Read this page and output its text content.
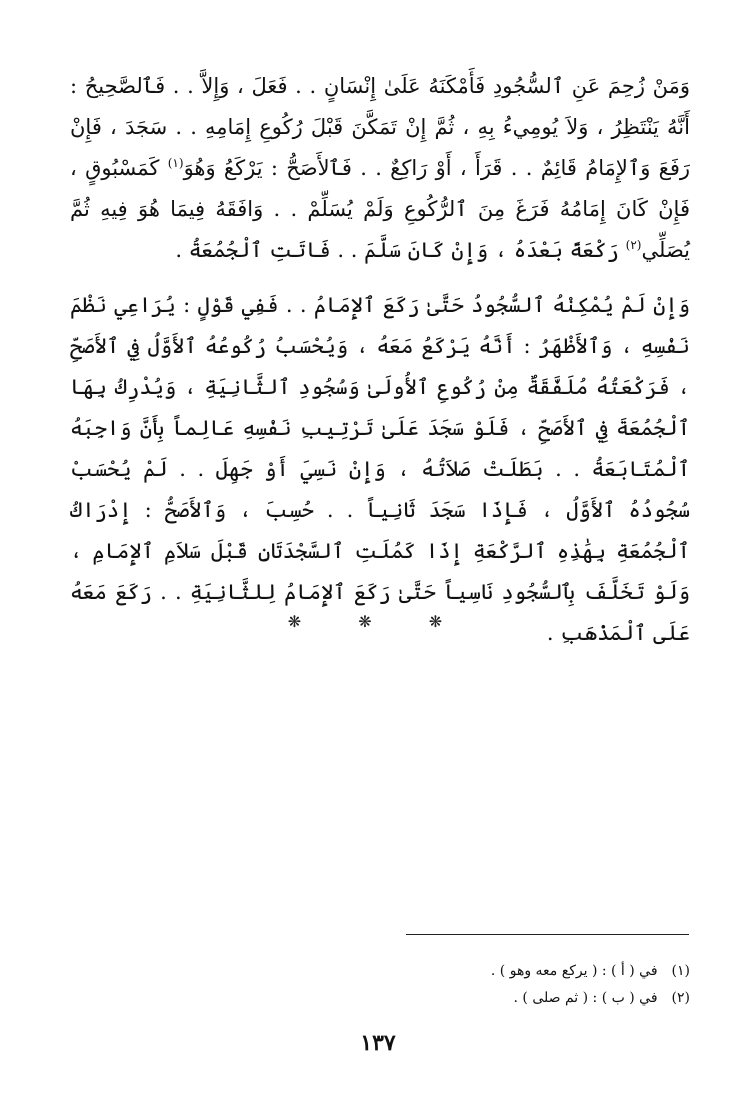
وَمَنْ زُحِمَ عَنِ ٱلسُّجُودِ فَأَمْكَنَهُ عَلَىٰ إِنْسَانٍ . . فَعَلَ ، وَإِلاَّ . . فَٱلصَّحِيحُ : أَنَّهُ يَنْتَظِرُ ، وَلاَ يُومِيءُ بِهِ ، ثُمَّ إِنْ تَمَكَّنَ قَبْلَ رُكُوعِ إِمَامِهِ . . سَجَدَ ، فَإِنْ رَفَعَ وَٱلإِمَامُ قَائِمٌ . . قَرَأَ ، أَوْ رَاكِعٌ . . فَٱلأَصَحُّ : يَرْكَعُ وَهُوَ$^{(١)}$ كَمَسْبُوقٍ ، فَإِنْ كَانَ إِمَامُهُ فَرَغَ مِنَ ٱلرُّكُوعِ وَلَمْ يُسَلِّمْ . . وَافَقَهُ فِيمَا هُوَ فِيهِ ثُمَّ يُصَلِّي$^{(٢)}$ رَكْعَةً بَعْدَهُ ، وَإِنْ كَانَ سَلَّمَ . . فَاتَتِ ٱلْجُمُعَةُ .

وَإِنْ لَمْ يُمْكِنْهُ ٱلسُّجُودُ حَتَّىٰ رَكَعَ ٱلإِمَامُ . . فَفِي قَوْلٍ : يُرَاعِي نَظْمَ نَفْسِهِ ، وَٱلأَظْهَرُ : أَنَّهُ يَرْكَعُ مَعَهُ ، وَيُحْسَبُ رُكُوعُهُ ٱلأَوَّلُ فِي ٱلأَصَحِّ ، فَرَكْعَتُهُ مُلَفَّقَةٌ مِنْ رُكُوعِ ٱلأُولَىٰ وَسُجُودِ ٱلثَّانِيَةِ ، وَيُدْرِكُ بِهَا ٱلْجُمُعَةَ فِي ٱلأَصَحِّ ، فَلَوْ سَجَدَ عَلَىٰ تَرْتِيبِ نَفْسِهِ عَالِماً بِأَنَّ وَاجِبَهُ ٱلْمُتَابَعَةُ . . بَطَلَتْ صَلاَتُهُ ، وَإِنْ نَسِيَ أَوْ جَهِلَ . . لَمْ يُحْسَبْ سُجُودُهُ ٱلأَوَّلُ ، فَإِذَا سَجَدَ ثَانِياً . . حُسِبَ ، وَٱلأَصَحُّ : إِدْرَاكُ ٱلْجُمُعَةِ بِهَٰذِهِ ٱلرَّكْعَةِ إِذَا كَمُلَتِ ٱلسَّجْدَتَانِ قَبْلَ سَلاَمِ ٱلإِمَامِ ، وَلَوْ تَخَلَّفَ بِٱلسُّجُودِ نَاسِياً حَتَّىٰ رَكَعَ ٱلإِمَامُ لِلثَّانِيَةِ . . رَكَعَ مَعَهُ عَلَى ٱلْمَذْهَبِ .

❋ ❋ ❋
(١) في ( أ ) : ( يركع معه وهو ) .
(٢) في ( ب ) : ( ثم صلى ) .
١٣٧
